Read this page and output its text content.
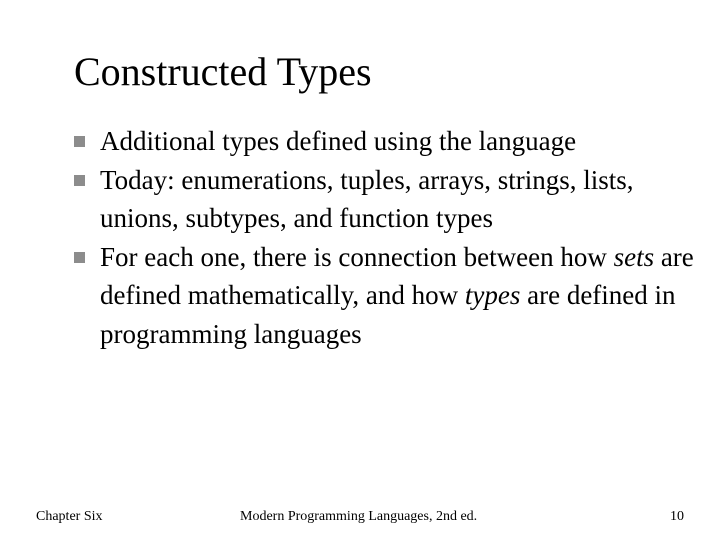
Constructed Types
Additional types defined using the language
Today: enumerations, tuples, arrays, strings, lists, unions, subtypes, and function types
For each one, there is connection between how sets are defined mathematically, and how types are defined in programming languages
Chapter Six	Modern Programming Languages, 2nd ed.	10
